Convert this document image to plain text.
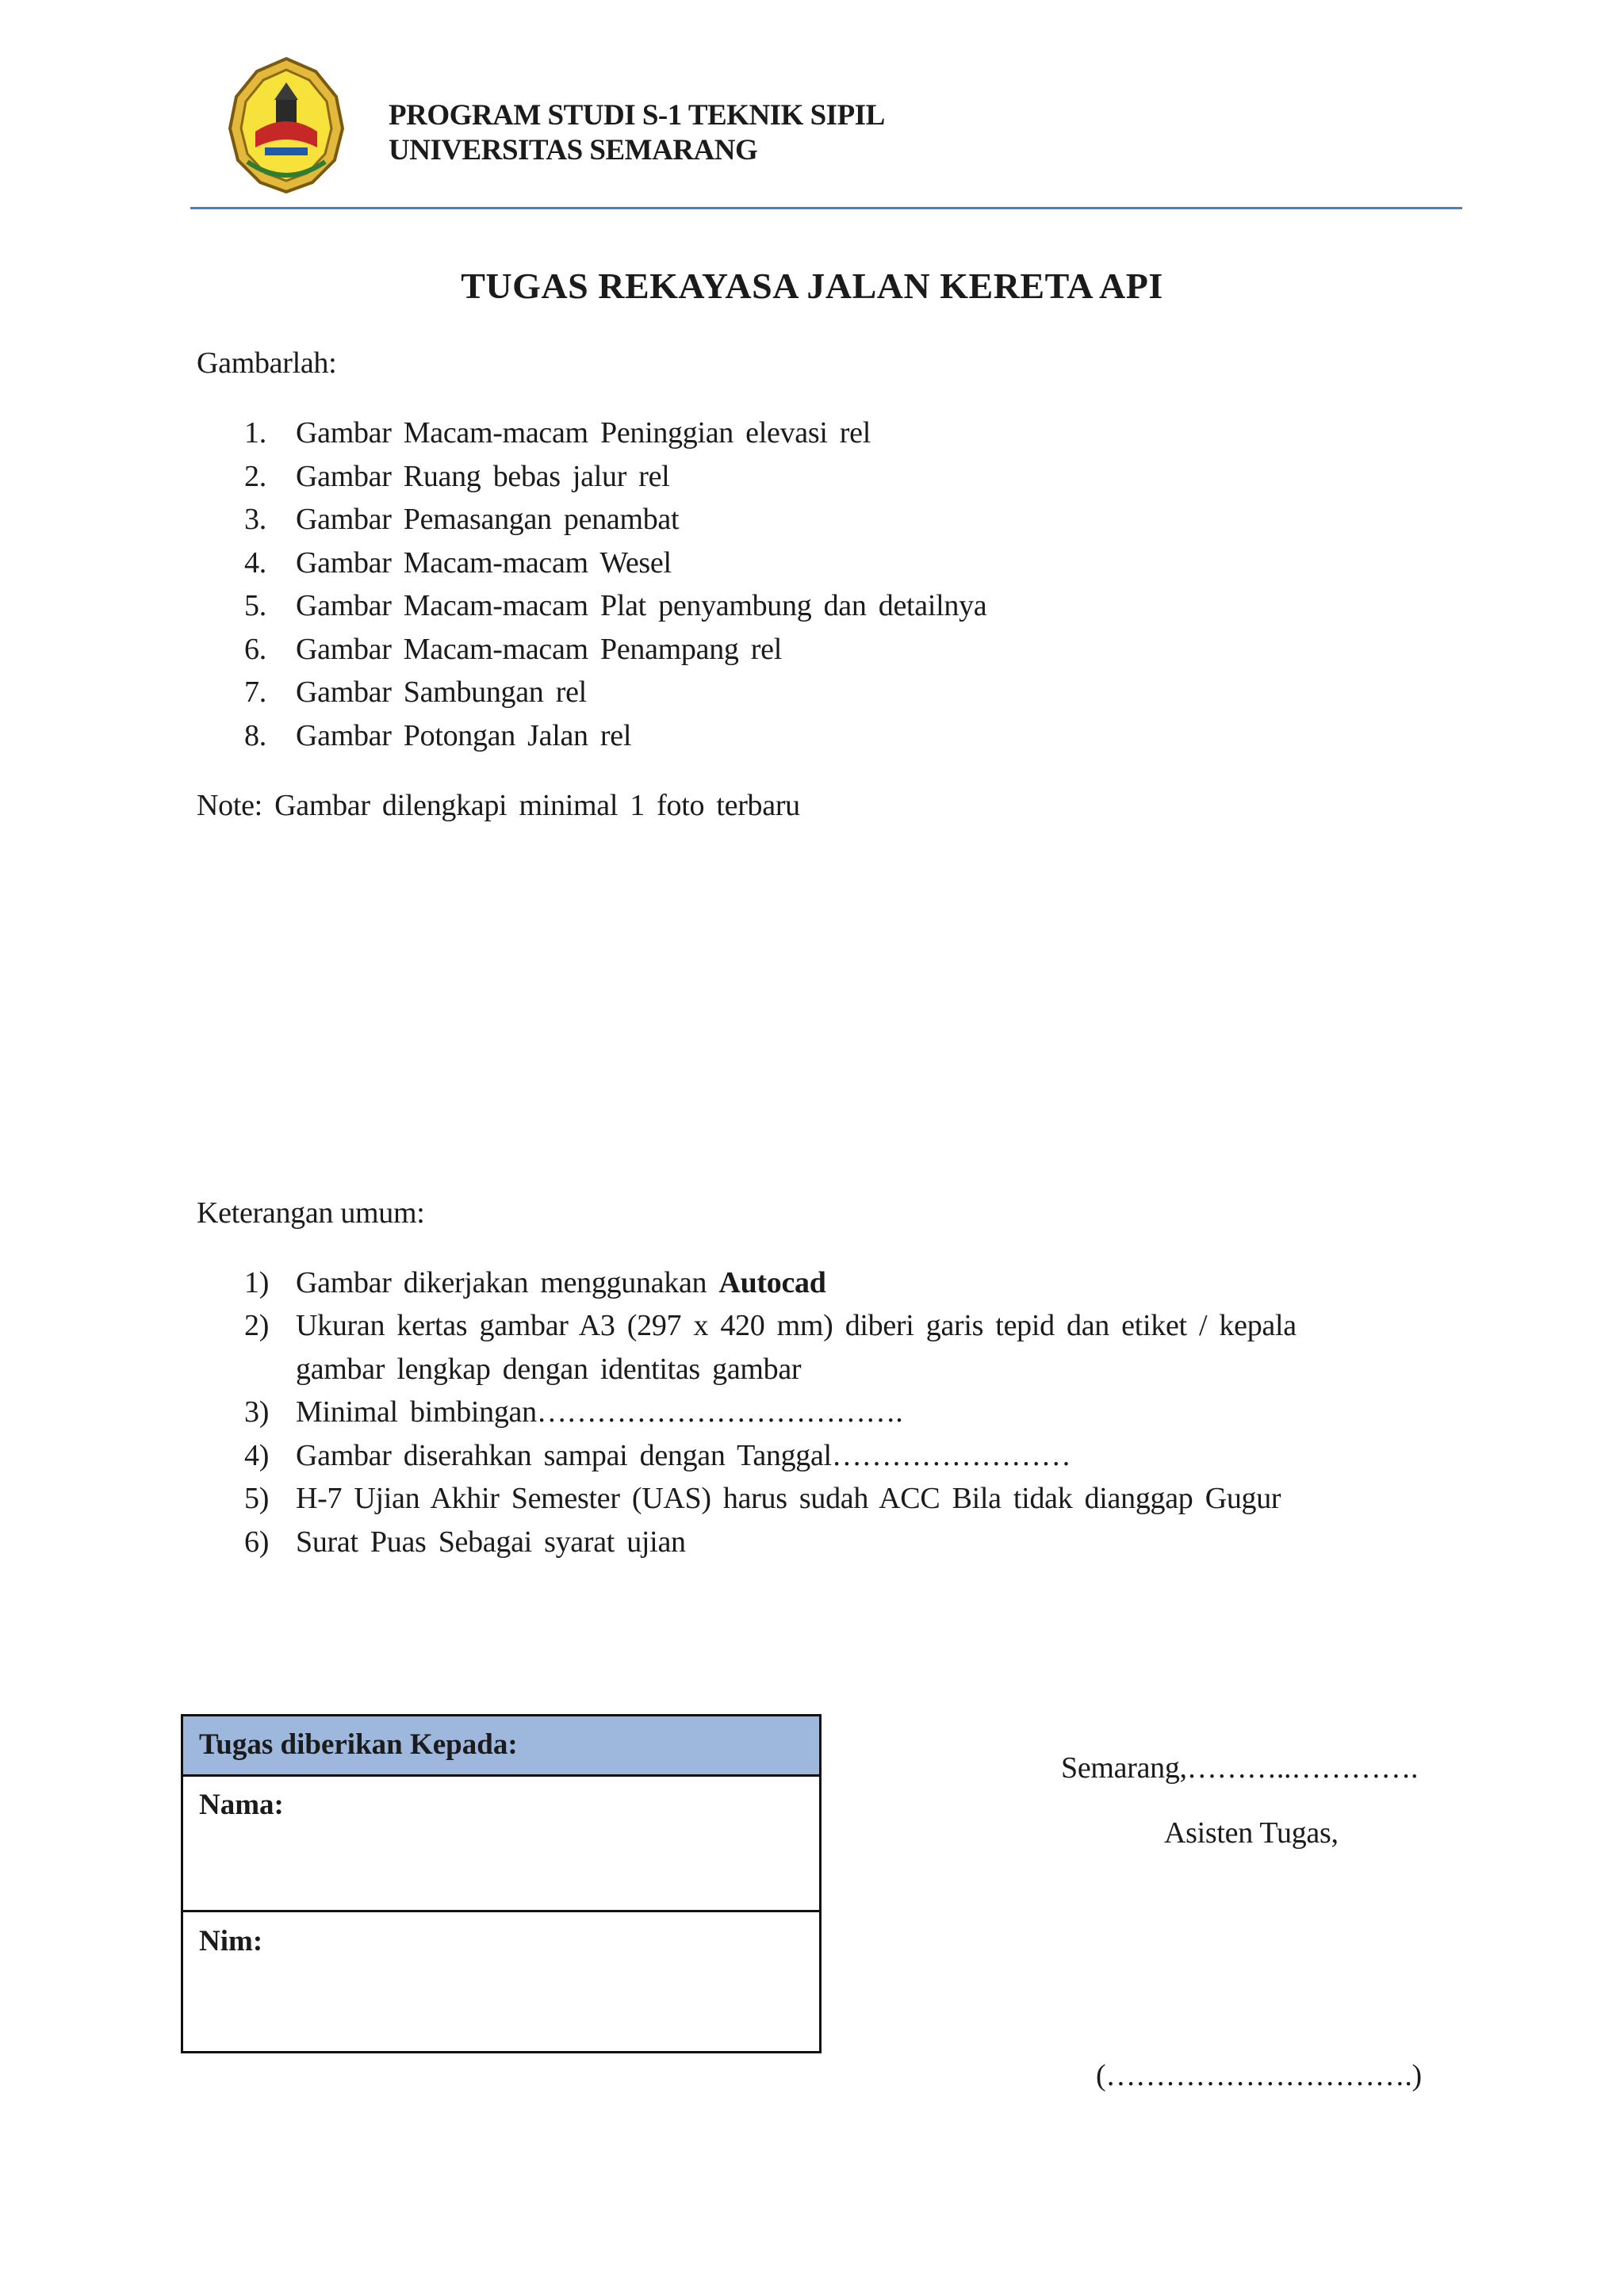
PROGRAM STUDI S-1 TEKNIK SIPIL
UNIVERSITAS SEMARANG
TUGAS REKAYASA JALAN KERETA API
Gambarlah:
1. Gambar Macam-macam Peninggian elevasi rel
2. Gambar Ruang bebas jalur rel
3. Gambar Pemasangan penambat
4. Gambar Macam-macam Wesel
5. Gambar Macam-macam Plat penyambung dan detailnya
6. Gambar Macam-macam Penampang rel
7. Gambar Sambungan rel
8. Gambar Potongan Jalan rel
Note: Gambar dilengkapi minimal 1 foto terbaru
Keterangan umum:
1) Gambar dikerjakan menggunakan Autocad
2) Ukuran kertas gambar A3 (297 x 420 mm) diberi garis tepid dan etiket / kepala
gambar lengkap dengan identitas gambar
3) Minimal bimbingan……………………………….
4) Gambar diserahkan sampai dengan Tanggal……………………
5) H-7 Ujian Akhir Semester (UAS) harus sudah ACC Bila tidak dianggap Gugur
6) Surat Puas Sebagai syarat ujian
Tugas diberikan Kepada:
Nama:
Nim:
Semarang,………..………….
Asisten Tugas,
(………………………….)
